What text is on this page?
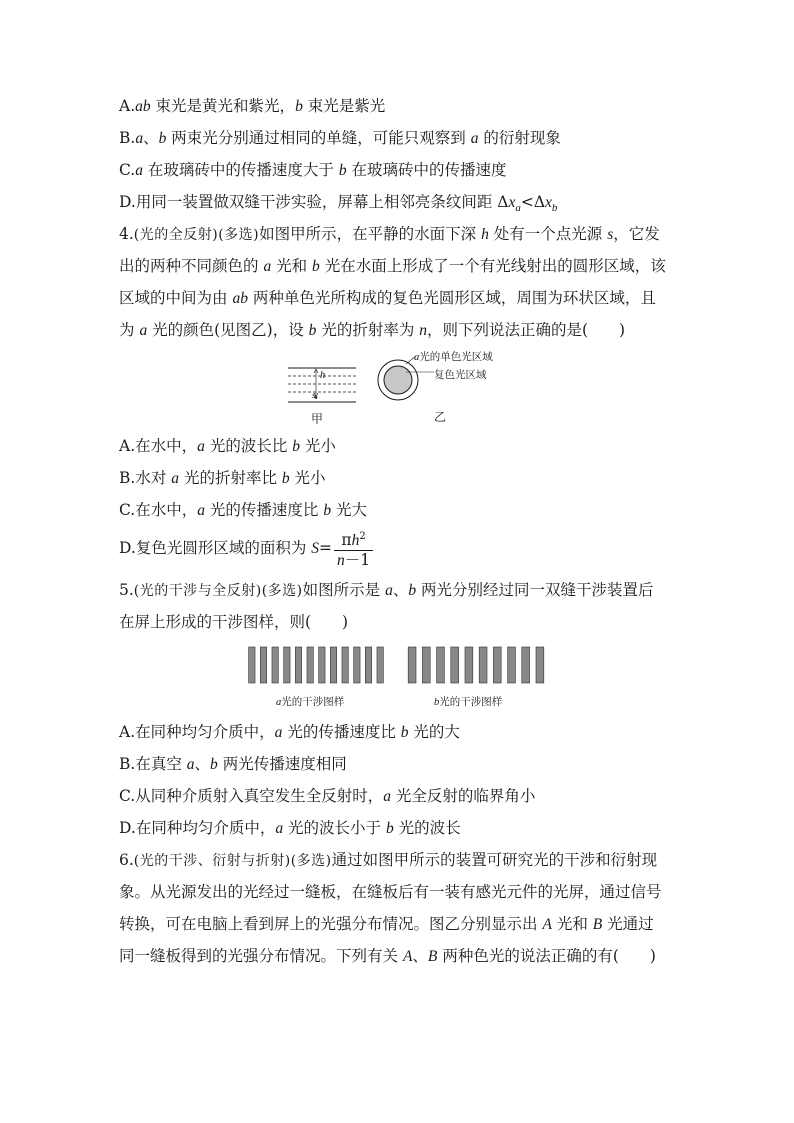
A.ab 束光是黄光和紫光，b 束光是紫光
B.a、b 两束光分别通过相同的单缝，可能只观察到 a 的衍射现象
C.a 在玻璃砖中的传播速度大于 b 在玻璃砖中的传播速度
D.用同一装置做双缝干涉实验，屏幕上相邻亮条纹间距 $\Delta x_a<\Delta x_b$
4.(光的全反射)(多选)如图甲所示，在平静的水面下深 h 处有一个点光源 s，它发
出的两种不同颜色的 a 光和 b 光在水面上形成了一个有光线射出的圆形区域，该
区域的中间为由 ab 两种单色光所构成的复色光圆形区域，周围为环状区域，且
为 a 光的颜色(见图乙)，设 b 光的折射率为 n，则下列说法正确的是(　　)
h
s
甲
a光的单色光区域
复色光区域
乙
A.在水中，a 光的波长比 b 光小
B.水对 a 光的折射率比 b 光小
C.在水中，a 光的传播速度比 b 光大
D.复色光圆形区域的面积为 $S= \frac{\pi h^2}{n-1}$
5.(光的干涉与全反射)(多选)如图所示是 a、b 两光分别经过同一双缝干涉装置后
在屏上形成的干涉图样，则(　　)
a光的干涉图样	b光的干涉图样
A.在同种均匀介质中，a 光的传播速度比 b 光的大
B.在真空 a、b 两光传播速度相同
C.从同种介质射入真空发生全反射时，a 光全反射的临界角小
D.在同种均匀介质中，a 光的波长小于 b 光的波长
6.(光的干涉、衍射与折射)(多选)通过如图甲所示的装置可研究光的干涉和衍射现
象。从光源发出的光经过一缝板，在缝板后有一装有感光元件的光屏，通过信号
转换，可在电脑上看到屏上的光强分布情况。图乙分别显示出 A 光和 B 光通过
同一缝板得到的光强分布情况。下列有关 A、B 两种色光的说法正确的有(　　)
